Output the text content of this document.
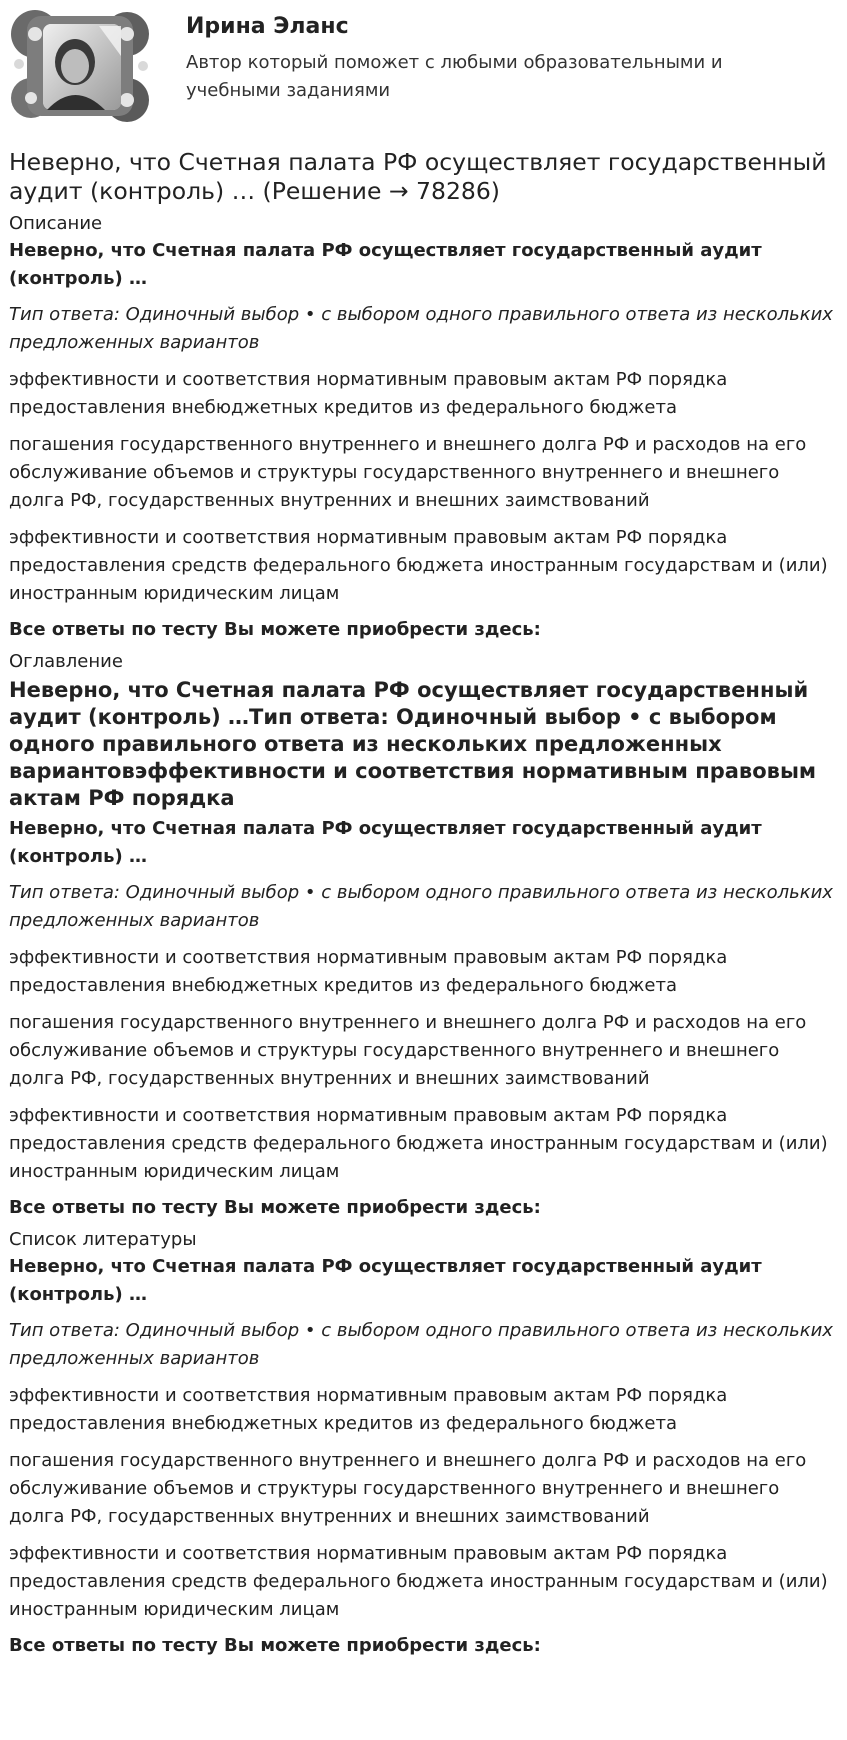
Ирина Эланс
Автор который поможет с любыми образовательными и учебными заданиями
Неверно, что Счетная палата РФ осуществляет государственный аудит (контроль) … (Решение → 78286)
Описание

Неверно, что Счетная палата РФ осуществляет государственный аудит (контроль) …

Тип ответа: Одиночный выбор • с выбором одного правильного ответа из нескольких предложенных вариантов

эффективности и соответствия нормативным правовым актам РФ порядка предоставления внебюджетных кредитов из федерального бюджета

погашения государственного внутреннего и внешнего долга РФ и расходов на его обслуживание объемов и структуры государственного внутреннего и внешнего долга РФ, государственных внутренних и внешних заимствований

эффективности и соответствия нормативным правовым актам РФ порядка предоставления средств федерального бюджета иностранным государствам и (или) иностранным юридическим лицам

Все ответы по тесту Вы можете приобрести здесь:

Оглавление
Неверно, что Счетная палата РФ осуществляет государственный аудит (контроль) …Тип ответа: Одиночный выбор • с выбором одного правильного ответа из нескольких предложенных вариантовэффективности и соответствия нормативным правовым актам РФ порядка

Неверно, что Счетная палата РФ осуществляет государственный аудит (контроль) …

Тип ответа: Одиночный выбор • с выбором одного правильного ответа из нескольких предложенных вариантов

эффективности и соответствия нормативным правовым актам РФ порядка предоставления внебюджетных кредитов из федерального бюджета

погашения государственного внутреннего и внешнего долга РФ и расходов на его обслуживание объемов и структуры государственного внутреннего и внешнего долга РФ, государственных внутренних и внешних заимствований

эффективности и соответствия нормативным правовым актам РФ порядка предоставления средств федерального бюджета иностранным государствам и (или) иностранным юридическим лицам

Все ответы по тесту Вы можете приобрести здесь:

Список литературы

Неверно, что Счетная палата РФ осуществляет государственный аудит (контроль) …

Тип ответа: Одиночный выбор • с выбором одного правильного ответа из нескольких предложенных вариантов

эффективности и соответствия нормативным правовым актам РФ порядка предоставления внебюджетных кредитов из федерального бюджета

погашения государственного внутреннего и внешнего долга РФ и расходов на его обслуживание объемов и структуры государственного внутреннего и внешнего долга РФ, государственных внутренних и внешних заимствований

эффективности и соответствия нормативным правовым актам РФ порядка предоставления средств федерального бюджета иностранным государствам и (или) иностранным юридическим лицам

Все ответы по тесту Вы можете приобрести здесь:
